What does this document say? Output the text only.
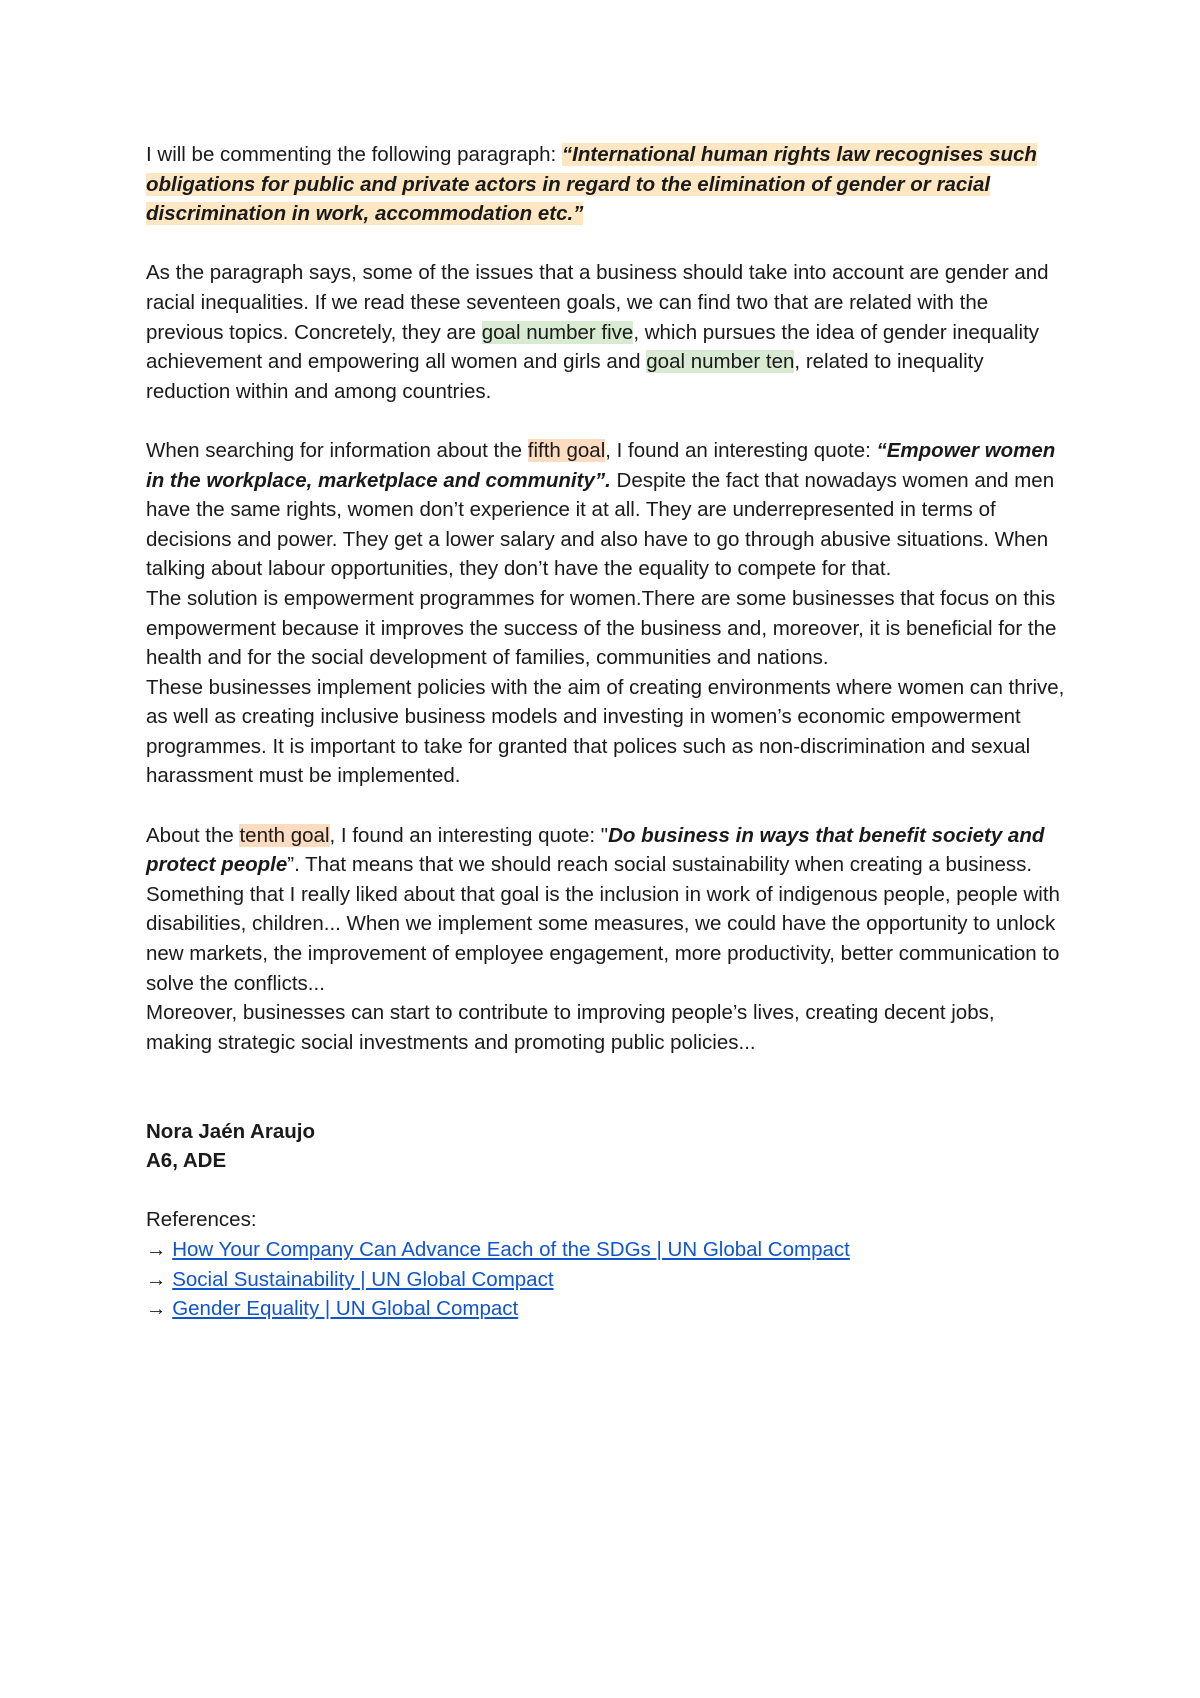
I will be commenting the following paragraph: “International human rights law recognises such obligations for public and private actors in regard to the elimination of gender or racial discrimination in work, accommodation etc.”

As the paragraph says, some of the issues that a business should take into account are gender and racial inequalities. If we read these seventeen goals, we can find two that are related with the previous topics. Concretely, they are goal number five, which pursues the idea of gender inequality achievement and empowering all women and girls and goal number ten, related to inequality reduction within and among countries.

When searching for information about the fifth goal, I found an interesting quote: “Empower women in the workplace, marketplace and community”. Despite the fact that nowadays women and men have the same rights, women don’t experience it at all. They are underrepresented in terms of decisions and power. They get a lower salary and also have to go through abusive situations. When talking about labour opportunities, they don’t have the equality to compete for that.

The solution is empowerment programmes for women.There are some businesses that focus on this empowerment because it improves the success of the business and, moreover, it is beneficial for the health and for the social development of families, communities and nations.

These businesses implement policies with the aim of creating environments where women can thrive, as well as creating inclusive business models and investing in women’s economic empowerment programmes. It is important to take for granted that polices such as non-discrimination and sexual harassment must be implemented.

About the tenth goal, I found an interesting quote: "Do business in ways that benefit society and protect people”. That means that we should reach social sustainability when creating a business. Something that I really liked about that goal is the inclusion in work of indigenous people, people with disabilities, children... When we implement some measures, we could have the opportunity to unlock new markets, the improvement of employee engagement, more productivity, better communication to solve the conflicts...

Moreover, businesses can start to contribute to improving people’s lives, creating decent jobs, making strategic social investments and promoting public policies...

Nora Jaén Araujo

A6, ADE

References:

→ How Your Company Can Advance Each of the SDGs | UN Global Compact
→ Social Sustainability | UN Global Compact
→ Gender Equality | UN Global Compact
